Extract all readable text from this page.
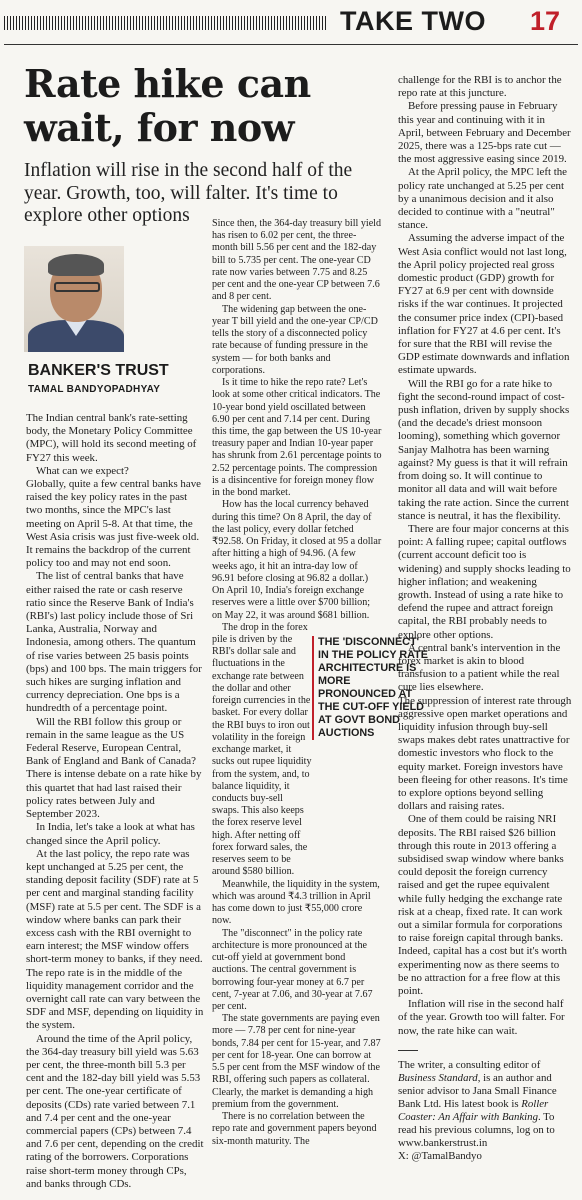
TAKE TWO 17
Rate hike can wait, for now
Inflation will rise in the second half of the year. Growth, too, will falter. It's time to explore other options
BANKER'S TRUST
TAMAL BANDYOPADHYAY

The Indian central bank's rate-setting body, the Monetary Policy Committee (MPC), will hold its second meeting of FY27 this week.

What can we expect?

Globally, quite a few central banks have raised the key policy rates in the past two months, since the MPC's last meeting on April 5-8. At that time, the West Asia crisis was just five-week old. It remains the backdrop of the current policy too and may not end soon.

The list of central banks that have either raised the rate or cash reserve ratio since the Reserve Bank of India's (RBI's) last policy include those of Sri Lanka, Australia, Norway and Indonesia, among others. The quantum of rise varies between 25 basis points (bps) and 100 bps. The main triggers for such hikes are surging inflation and currency depreciation. One bps is a hundredth of a percentage point.

Will the RBI follow this group or remain in the same league as the US Federal Reserve, European Central, Bank of England and Bank of Canada? There is intense debate on a rate hike by this quartet that had last raised their policy rates between July and September 2023.

In India, let's take a look at what has changed since the April policy.

At the last policy, the repo rate was kept unchanged at 5.25 per cent, the standing deposit facility (SDF) rate at 5 per cent and marginal standing facility (MSF) rate at 5.5 per cent. The SDF is a window where banks can park their excess cash with the RBI overnight to earn interest; the MSF window offers short-term money to banks, if they need. The repo rate is in the middle of the liquidity management corridor and the overnight call rate can vary between the SDF and MSF, depending on liquidity in the system.

Around the time of the April policy, the 364-day treasury bill yield was 5.63 per cent, the three-month bill 5.3 per cent and the 182-day bill yield was 5.53 per cent. The one-year certificate of deposits (CDs) rate varied between 7.1 and 7.4 per cent and the one-year commercial papers (CPs) between 7.4 and 7.6 per cent, depending on the credit rating of the borrowers. Corporations raise short-term money through CPs, and banks through CDs.

Since then, the 364-day treasury bill yield has risen to 6.02 per cent, the three-month bill 5.56 per cent and the 182-day bill to 5.735 per cent. The one-year CD rate now varies between 7.75 and 8.25 per cent and the one-year CP between 7.6 and 8 per cent.

The widening gap between the one-year T bill yield and the one-year CP/CD tells the story of a disconnected policy rate because of funding pressure in the system — for both banks and corporations.

Is it time to hike the repo rate? Let's look at some other critical indicators. The 10-year bond yield oscillated between 6.90 per cent and 7.14 per cent. During this time, the gap between the US 10-year treasury paper and Indian 10-year paper has shrunk from 2.61 percentage points to 2.52 percentage points. The compression is a disincentive for foreign money flow in the bond market.

How has the local currency behaved during this time? On 8 April, the day of the last policy, every dollar fetched ₹92.58. On Friday, it closed at 95 a dollar after hitting a high of 94.96. (A few weeks ago, it hit an intra-day low of 96.91 before closing at 96.82 a dollar.) On April 10, India's foreign exchange reserves were a little over $700 billion; on May 22, it was around $681 billion.

The drop in the forex pile is driven by the RBI's dollar sale and fluctuations in the exchange rate between the dollar and other foreign currencies in the basket. For every dollar the RBI buys to iron out volatility in the foreign exchange market, it sucks out rupee liquidity from the system, and, to balance liquidity, it conducts buy-sell swaps. This also keeps the forex reserve level high. After netting off forex forward sales, the reserves seem to be around $580 billion.

Meanwhile, the liquidity in the system, which was around ₹4.3 trillion in April has come down to just ₹55,000 crore now.

The "disconnect" in the policy rate architecture is more pronounced at the cut-off yield at government bond auctions. The central government is borrowing four-year money at 6.7 per cent, 7-year at 7.06, and 30-year at 7.67 per cent.

The state governments are paying even more — 7.78 per cent for nine-year bonds, 7.84 per cent for 15-year, and 7.87 per cent for 18-year. One can borrow at 5.5 per cent from the MSF window of the RBI, offering such papers as collateral. Clearly, the market is demanding a high premium from the government.

There is no correlation between the repo rate and government papers beyond six-month maturity. The

challenge for the RBI is to anchor the repo rate at this juncture.

Before pressing pause in February this year and continuing with it in April, between February and December 2025, there was a 125-bps rate cut — the most aggressive easing since 2019.

At the April policy, the MPC left the policy rate unchanged at 5.25 per cent by a unanimous decision and it also decided to continue with a "neutral" stance.

Assuming the adverse impact of the West Asia conflict would not last long, the April policy projected real gross domestic product (GDP) growth for FY27 at 6.9 per cent with downside risks if the war continues. It projected the consumer price index (CPI)-based inflation for FY27 at 4.6 per cent. It's for sure that the RBI will revise the GDP estimate downwards and inflation estimate upwards.

Will the RBI go for a rate hike to fight the second-round impact of cost-push inflation, driven by supply shocks (and the decade's driest monsoon looming), something which governor Sanjay Malhotra has been warning against? My guess is that it will refrain from doing so. It will continue to monitor all data and will wait before taking the rate action. Since the current stance is neutral, it has the flexibility.

There are four major concerns at this point: A falling rupee; capital outflows (current account deficit too is widening) and supply shocks leading to higher inflation; and weakening growth. Instead of using a rate hike to defend the rupee and attract foreign capital, the RBI probably needs to explore other options.

A central bank's intervention in the forex market is akin to blood transfusion to a patient while the real cure lies elsewhere.

The suppression of interest rate through aggressive open market operations and liquidity infusion through buy-sell swaps makes debt rates unattractive for domestic investors who flock to the equity market. Foreign investors have been fleeing for other reasons. It's time to explore options beyond selling dollars and raising rates.

One of them could be raising NRI deposits. The RBI raised $26 billion through this route in 2013 offering a subsidised swap window where banks could deposit the foreign currency raised and get the rupee equivalent while fully hedging the exchange rate risk at a cheap, fixed rate. It can work out a similar formula for corporations to raise foreign capital through banks. Indeed, capital has a cost but it's worth experimenting now as there seems to be no attraction for a free flow at this point.

Inflation will rise in the second half of the year. Growth too will falter. For now, the rate hike can wait.

The writer, a consulting editor of Business Standard, is an author and senior advisor to Jana Small Finance Bank Ltd. His latest book is Roller Coaster: An Affair with Banking. To read his previous columns, log on to www.bankerstrust.in
X: @TamalBandyo
THE 'DISCONNECT' IN THE POLICY RATE ARCHITECTURE IS MORE PRONOUNCED AT THE CUT-OFF YIELD AT GOVT BOND AUCTIONS
